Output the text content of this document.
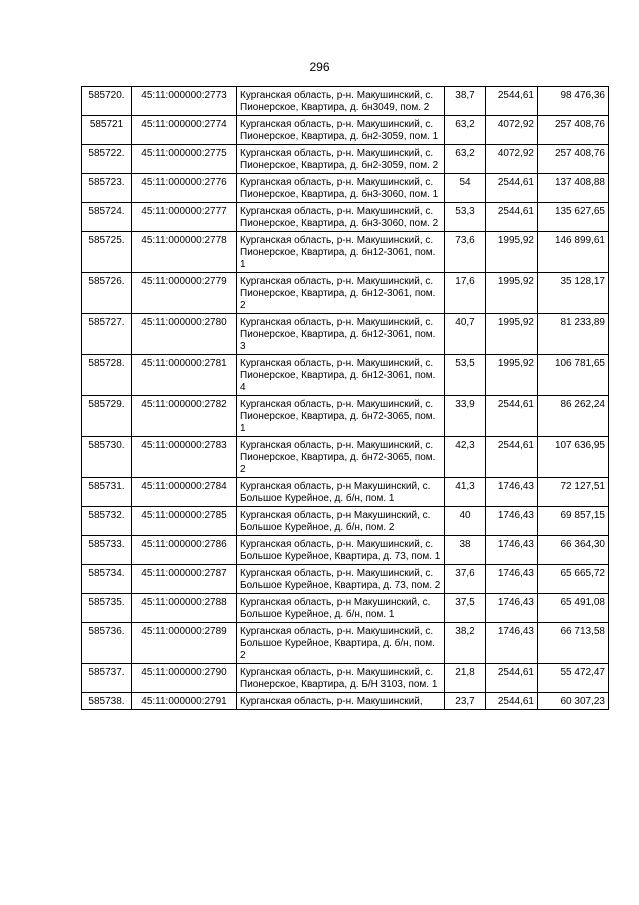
296
585720.	45:11:000000:2773	Курганская область, р-н. Макушинский, с. Пионерское, Квартира, д. бн3049, пом. 2	38,7	2544,61	98 476,36
585721	45:11:000000:2774	Курганская область, р-н. Макушинский, с. Пионерское, Квартира, д. бн2-3059, пом. 1	63,2	4072,92	257 408,76
585722.	45:11:000000:2775	Курганская область, р-н. Макушинский, с. Пионерское, Квартира, д. бн2-3059, пом. 2	63,2	4072,92	257 408,76
585723.	45:11:000000:2776	Курганская область, р-н. Макушинский, с. Пионерское, Квартира, д. бн3-3060, пом. 1	54	2544,61	137 408,88
585724.	45:11:000000:2777	Курганская область, р-н. Макушинский, с. Пионерское, Квартира, д. бн3-3060, пом. 2	53,3	2544,61	135 627,65
585725.	45:11:000000:2778	Курганская область, р-н. Макушинский, с. Пионерское, Квартира, д. бн12-3061, пом. 1	73,6	1995,92	146 899,61
585726.	45:11:000000:2779	Курганская область, р-н. Макушинский, с. Пионерское, Квартира, д. бн12-3061, пом. 2	17,6	1995,92	35 128,17
585727.	45:11:000000:2780	Курганская область, р-н. Макушинский, с. Пионерское, Квартира, д. бн12-3061, пом. 3	40,7	1995,92	81 233,89
585728.	45:11:000000:2781	Курганская область, р-н. Макушинский, с. Пионерское, Квартира, д. бн12-3061, пом. 4	53,5	1995,92	106 781,65
585729.	45:11:000000:2782	Курганская область, р-н. Макушинский, с. Пионерское, Квартира, д. бн72-3065, пом. 1	33,9	2544,61	86 262,24
585730.	45:11:000000:2783	Курганская область, р-н. Макушинский, с. Пионерское, Квартира, д. бн72-3065, пом. 2	42,3	2544,61	107 636,95
585731.	45:11:000000:2784	Курганская область, р-н Макушинский, с. Большое Курейное, д. б/н, пом. 1	41,3	1746,43	72 127,51
585732.	45:11:000000:2785	Курганская область, р-н Макушинский, с. Большое Курейное, д. б/н, пом. 2	40	1746,43	69 857,15
585733.	45:11:000000:2786	Курганская область, р-н. Макушинский, с. Большое Курейное, Квартира, д. 73, пом. 1	38	1746,43	66 364,30
585734.	45:11:000000:2787	Курганская область, р-н. Макушинский, с. Большое Курейное, Квартира, д. 73, пом. 2	37,6	1746,43	65 665,72
585735.	45:11:000000:2788	Курганская область, р-н Макушинский, с. Большое Курейное, д. б/н, пом. 1	37,5	1746,43	65 491,08
585736.	45:11:000000:2789	Курганская область, р-н. Макушинский, с. Большое Курейное, Квартира, д. б/н, пом. 2	38,2	1746,43	66 713,58
585737.	45:11:000000:2790	Курганская область, р-н. Макушинский, с. Пионерское, Квартира, д. Б/Н 3103, пом. 1	21,8	2544,61	55 472,47
585738.	45:11:000000:2791	Курганская область, р-н. Макушинский,	23,7	2544,61	60 307,23
